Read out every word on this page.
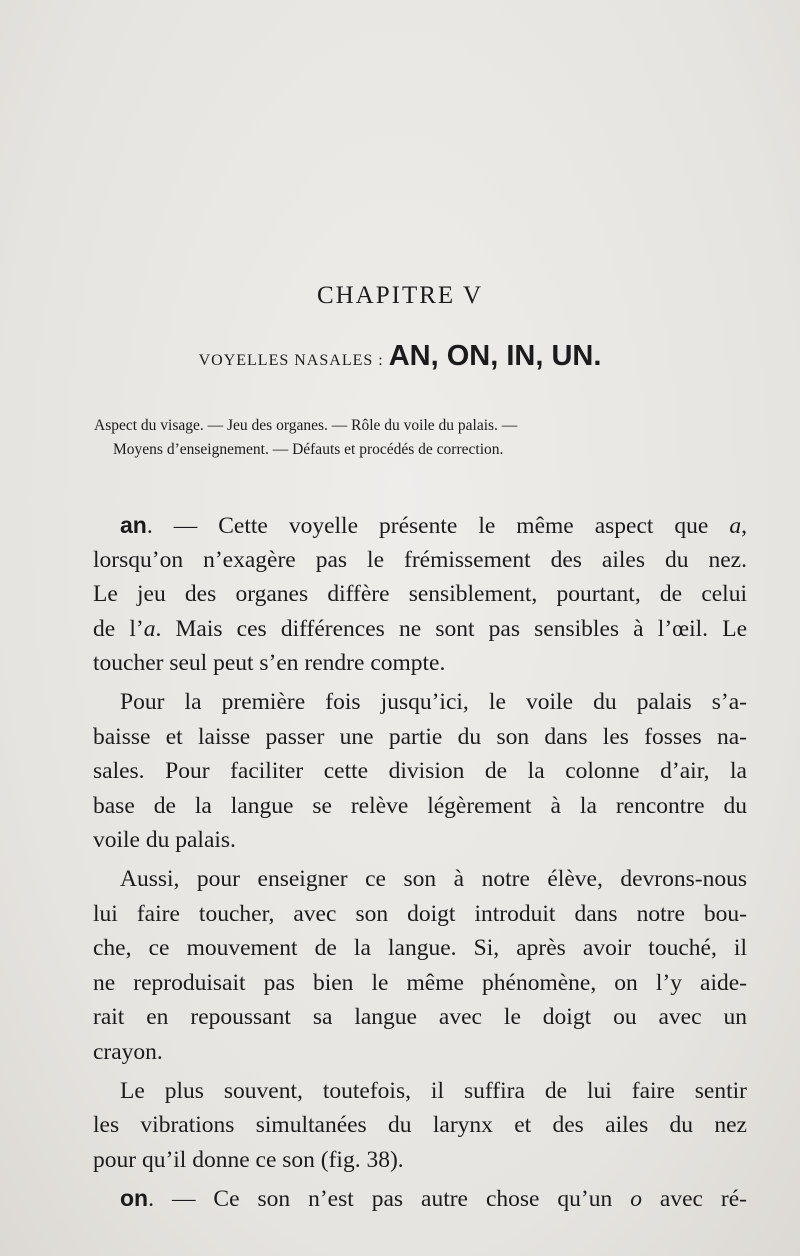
CHAPITRE V
VOYELLES NASALES : AN, ON, IN, UN.
Aspect du visage. — Jeu des organes. — Rôle du voile du palais. —
Moyens d’enseignement. — Défauts et procédés de correction.
an. — Cette voyelle présente le même aspect que a,
lorsqu’on n’exagère pas le frémissement des ailes du nez.
Le jeu des organes diffère sensiblement, pourtant, de celui
de l’a. Mais ces différences ne sont pas sensibles à l’œil. Le
toucher seul peut s’en rendre compte.
Pour la première fois jusqu’ici, le voile du palais s’a-
baisse et laisse passer une partie du son dans les fosses na-
sales. Pour faciliter cette division de la colonne d’air, la
base de la langue se relève légèrement à la rencontre du
voile du palais.
Aussi, pour enseigner ce son à notre élève, devrons-nous
lui faire toucher, avec son doigt introduit dans notre bou-
che, ce mouvement de la langue. Si, après avoir touché, il
ne reproduisait pas bien le même phénomène, on l’y aide-
rait en repoussant sa langue avec le doigt ou avec un
crayon.
Le plus souvent, toutefois, il suffira de lui faire sentir
les vibrations simultanées du larynx et des ailes du nez
pour qu’il donne ce son (fig. 38).
on. — Ce son n’est pas autre chose qu’un o avec ré-
